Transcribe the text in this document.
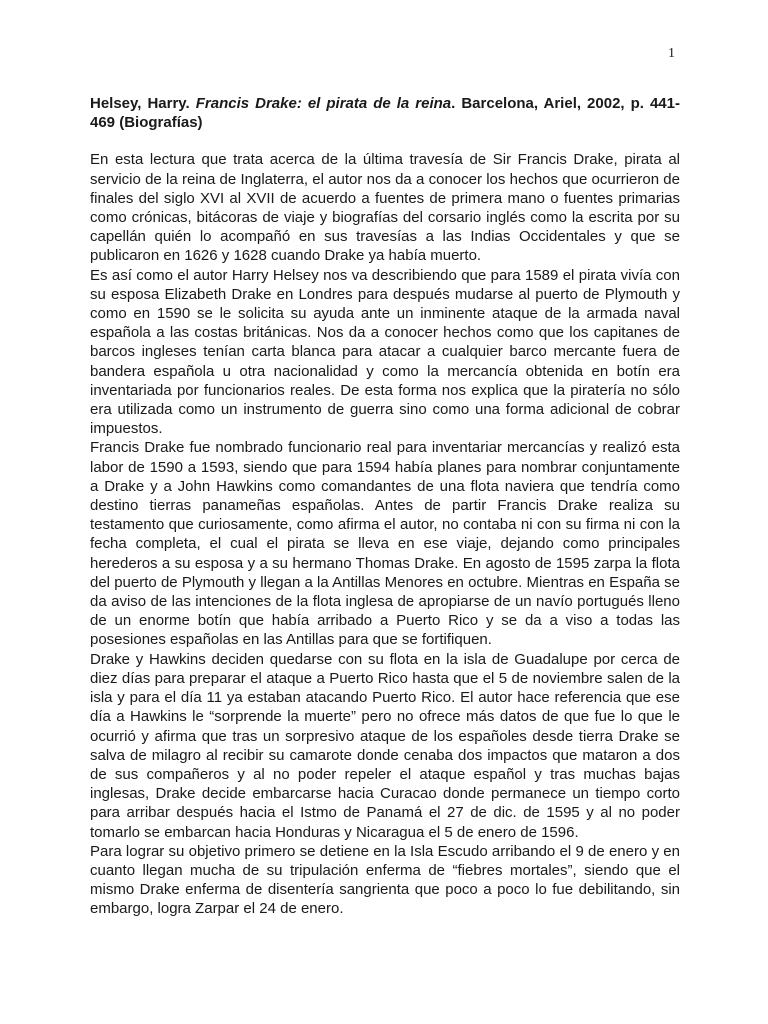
1

Helsey, Harry. Francis Drake: el pirata de la reina. Barcelona, Ariel, 2002, p. 441-469 (Biografías)

En esta lectura que trata acerca de la última travesía de Sir Francis Drake, pirata al servicio de la reina de Inglaterra, el autor nos da a conocer los hechos que ocurrieron de finales del siglo XVI al XVII de acuerdo a fuentes de primera mano o fuentes primarias como crónicas, bitácoras de viaje y biografías del corsario inglés como la escrita por su capellán quién lo acompañó en sus travesías a las Indias Occidentales y que se publicaron en 1626 y 1628 cuando Drake ya había muerto.

Es así como el autor Harry Helsey nos va describiendo que para 1589 el pirata vivía con su esposa Elizabeth Drake en Londres para después mudarse al puerto de Plymouth y como en 1590 se le solicita su ayuda ante un inminente ataque de la armada naval española a las costas británicas. Nos da a conocer hechos como que los capitanes de barcos ingleses tenían carta blanca para atacar a cualquier barco mercante fuera de bandera española u otra nacionalidad y como la mercancía obtenida en botín era inventariada por funcionarios reales. De esta forma nos explica que la piratería no sólo era utilizada como un instrumento de guerra sino como una forma adicional de cobrar impuestos.

Francis Drake fue nombrado funcionario real para inventariar mercancías y realizó esta labor de 1590 a 1593, siendo que para 1594 había planes para nombrar conjuntamente a Drake y a John Hawkins como comandantes de una flota naviera que tendría como destino tierras panameñas españolas. Antes de partir Francis Drake realiza su testamento que curiosamente, como afirma el autor, no contaba ni con su firma ni con la fecha completa, el cual el pirata se lleva en ese viaje, dejando como principales herederos a su esposa y a su hermano Thomas Drake. En agosto de 1595 zarpa la flota del puerto de Plymouth y llegan a la Antillas Menores en octubre. Mientras en España se da aviso de las intenciones de la flota inglesa de apropiarse de un navío portugués lleno de un enorme botín que había arribado a Puerto Rico y se da a viso a todas las posesiones españolas en las Antillas para que se fortifiquen.

Drake y Hawkins deciden quedarse con su flota en la isla de Guadalupe por cerca de diez días para preparar el ataque a Puerto Rico hasta que el 5 de noviembre salen de la isla y para el día 11 ya estaban atacando Puerto Rico. El autor hace referencia que ese día a Hawkins le “sorprende la muerte” pero no ofrece más datos de que fue lo que le ocurrió y afirma que tras un sorpresivo ataque de los españoles desde tierra Drake se salva de milagro al recibir su camarote donde cenaba dos impactos que mataron a dos de sus compañeros y al no poder repeler el ataque español y tras muchas bajas inglesas, Drake decide embarcarse hacia Curacao donde permanece un tiempo corto para arribar después hacia el Istmo de Panamá el 27 de dic. de 1595 y al no poder tomarlo se embarcan hacia Honduras y Nicaragua el 5 de enero de 1596.

Para lograr su objetivo primero se detiene en la Isla Escudo arribando el 9 de enero y en cuanto llegan mucha de su tripulación enferma de “fiebres mortales”, siendo que el mismo Drake enferma de disentería sangrienta que poco a poco lo fue debilitando, sin embargo, logra Zarpar el 24 de enero.
